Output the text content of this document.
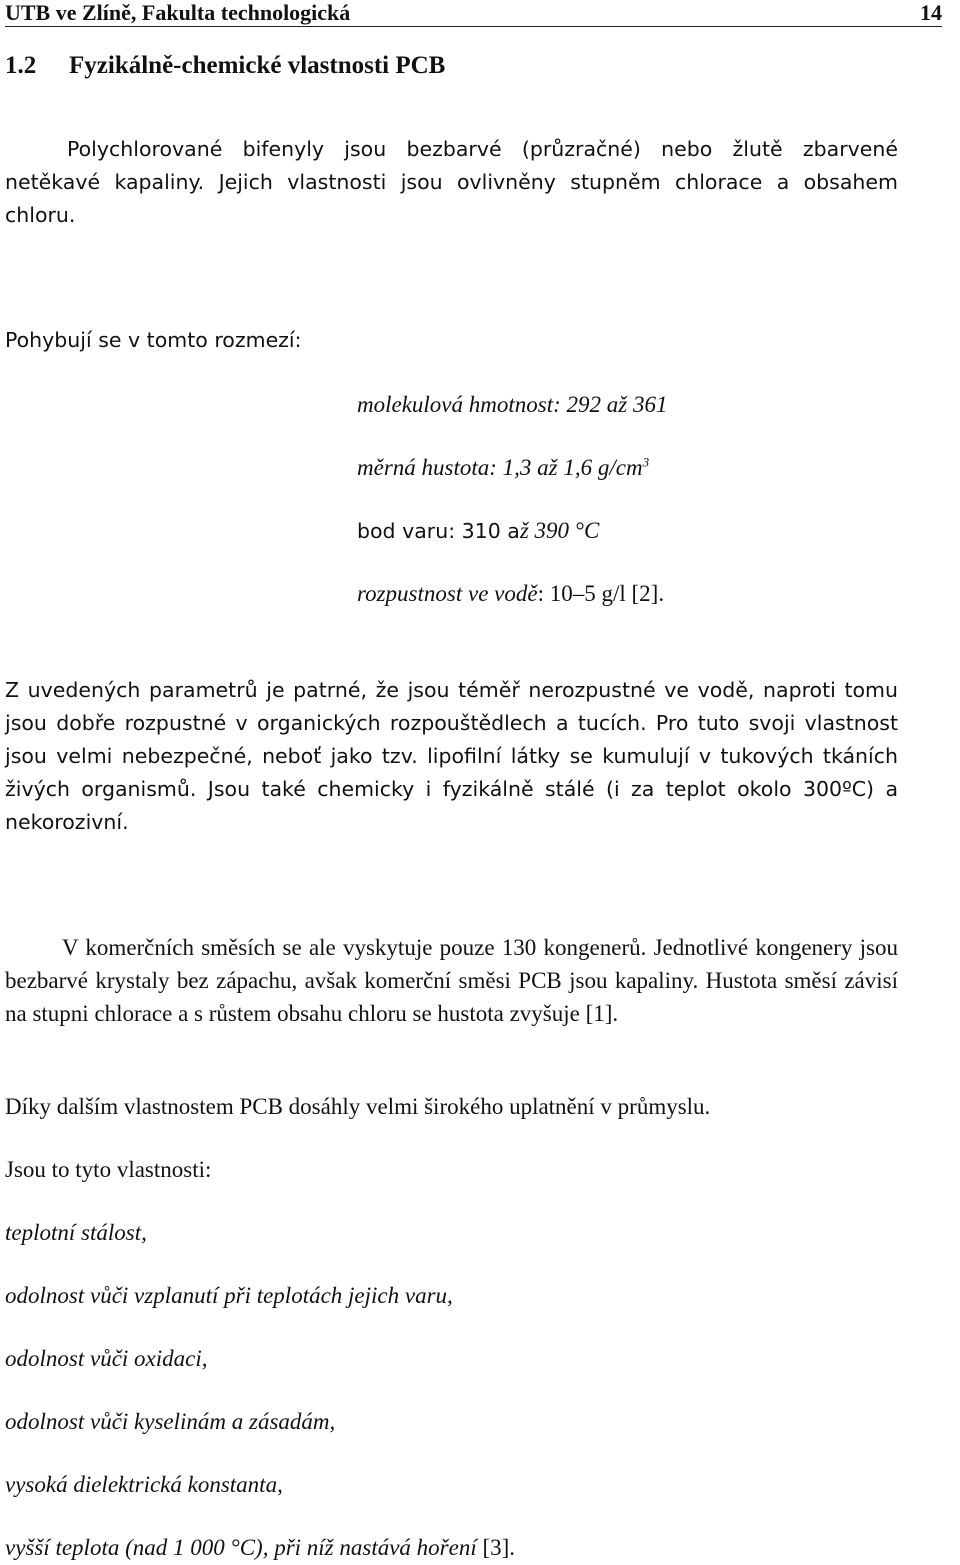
UTB ve Zlíně, Fakulta technologická	14
1.2 Fyzikálně-chemické vlastnosti PCB
Polychlorované bifenyly jsou bezbarvé (průzračné) nebo žlutě zbarvené netěkavé kapaliny. Jejich vlastnosti jsou ovlivněny stupněm chlorace a obsahem chloru.
Pohybují se v tomto rozmezí:
molekulová hmotnost: 292 až 361
měrná hustota: 1,3 až 1,6 $g/cm^3$
bod varu: 310 až 390 °C
rozpustnost ve vodě: 10–5 g/l [2].
Z uvedených parametrů je patrné, že jsou téměř nerozpustné ve vodě, naproti tomu jsou dobře rozpustné v organických rozpouštědlech a tucích. Pro tuto svoji vlastnost jsou velmi nebezpečné, neboť jako tzv. lipofilní látky se kumulují v tukových tkáních živých organismů. Jsou také chemicky i fyzikálně stálé (i za teplot okolo 300ºC) a nekorozivní.
V komerčních směsích se ale vyskytuje pouze 130 kongenerů. Jednotlivé kongenery jsou bezbarvé krystaly bez zápachu, avšak komerční směsi PCB jsou kapaliny. Hustota směsí závisí na stupni chlorace a s růstem obsahu chloru se hustota zvyšuje [1].
Díky dalším vlastnostem PCB dosáhly velmi širokého uplatnění v průmyslu.
Jsou to tyto vlastnosti:
teplotní stálost,
odolnost vůči vzplanutí při teplotách jejich varu,
odolnost vůči oxidaci,
odolnost vůči kyselinám a zásadám,
vysoká dielektrická konstanta,
vyšší teplota (nad 1 000 °C), při níž nastává hoření [3].
